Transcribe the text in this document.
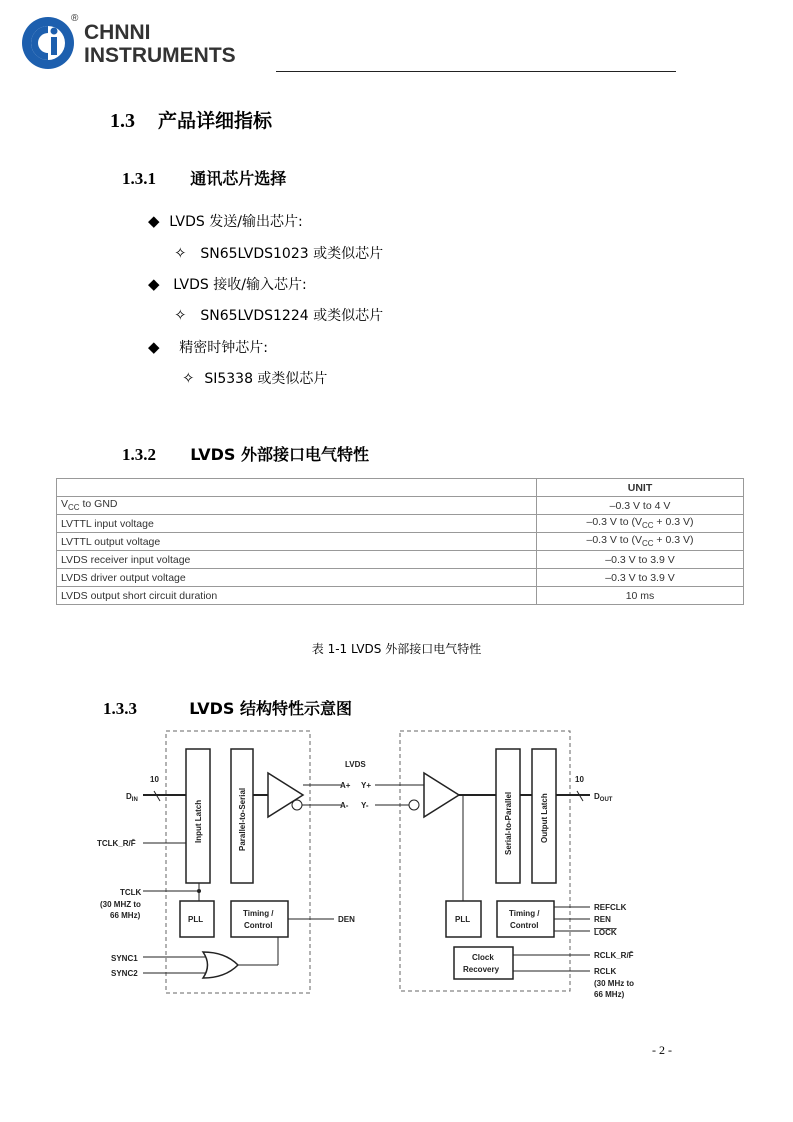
CHNNI
®
INSTRUMENTS
1.3 产品详细指标
1.3.1 通讯芯片选择
◆ LVDS 发送/输出芯片:
✧ SN65LVDS1023 或类似芯片
◆ LVDS 接收/输入芯片:
✧ SN65LVDS1224 或类似芯片
◆ 精密时钟芯片:
✧ SI5338 或类似芯片
1.3.2 LVDS 外部接口电气特性
	UNIT
$V_{CC}$ to GND	–0.3 V to 4 V
LVTTL input voltage	–0.3 V to ($V_{CC} + 0.3$ V)
LVTTL output voltage	–0.3 V to ($V_{CC} + 0.3$ V)
LVDS receiver input voltage	–0.3 V to 3.9 V
LVDS driver output voltage	–0.3 V to 3.9 V
LVDS output short circuit duration	10 ms
表 1-1 LVDS 外部接口电气特性
1.3.3	LVDS 结构特性示意图
$D_{IN}$
10
TCLK_R/F̄
TCLK
(30 MHZ to
66 MHz)
SYNC1
SYNC2
Input Latch	Parallel-to-Serial
PLL
Timing /
Control
DEN
LVDS
A+
A-
Y+
Y-	Serial-to-Parallel	Output Latch
10
$D_{OUT}$
PLL
Timing /
Control
Clock
Recovery
REFCLK
REN
LOCK
RCLK_R/F̄
RCLK
(30 MHz to
66 MHz)
- 2 -
